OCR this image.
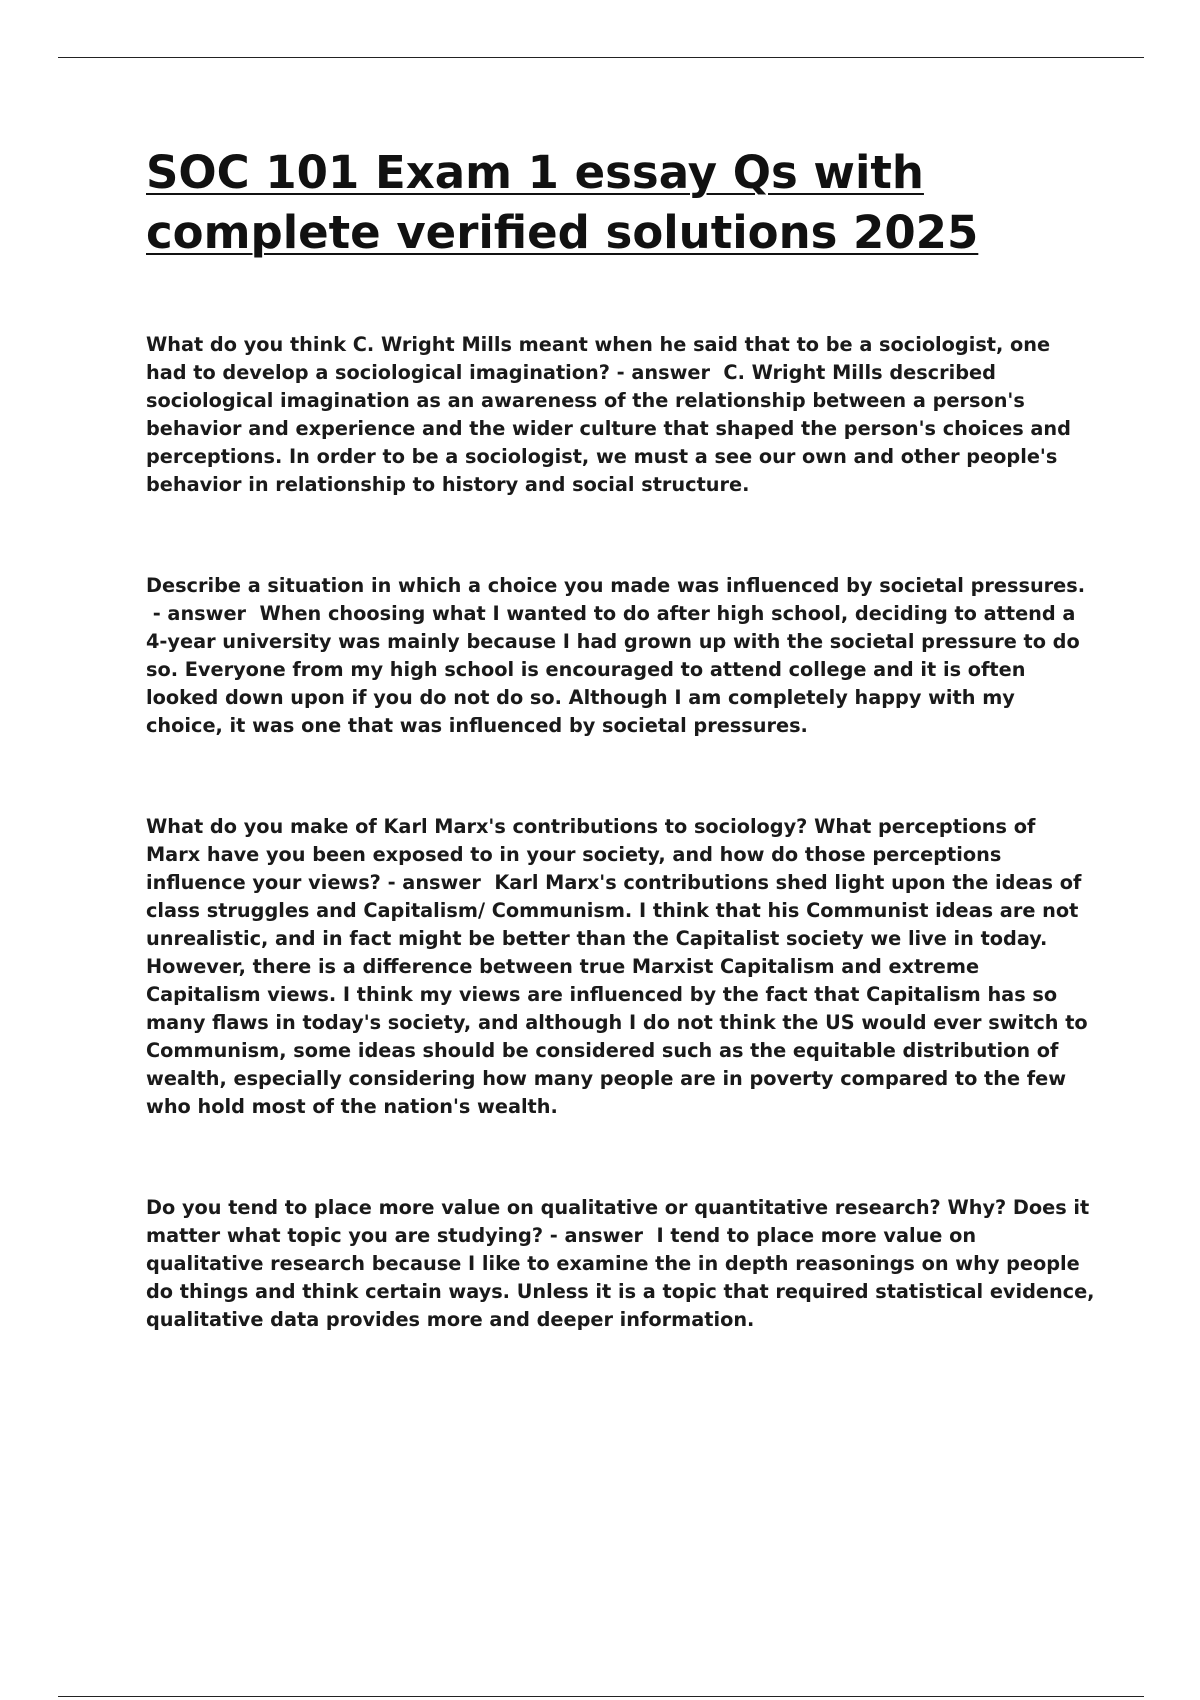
SOC 101 Exam 1 essay Qs with complete verified solutions 2025

What do you think C. Wright Mills meant when he said that to be a sociologist, one had to develop a sociological imagination? - answer  C. Wright Mills described sociological imagination as an awareness of the relationship between a person's behavior and experience and the wider culture that shaped the person's choices and perceptions. In order to be a sociologist, we must a see our own and other people's behavior in relationship to history and social structure.

Describe a situation in which a choice you made was influenced by societal pressures. - answer  When choosing what I wanted to do after high school, deciding to attend a 4-year university was mainly because I had grown up with the societal pressure to do so. Everyone from my high school is encouraged to attend college and it is often looked down upon if you do not do so. Although I am completely happy with my choice, it was one that was influenced by societal pressures.

What do you make of Karl Marx's contributions to sociology? What perceptions of Marx have you been exposed to in your society, and how do those perceptions influence your views? - answer  Karl Marx's contributions shed light upon the ideas of class struggles and Capitalism/ Communism. I think that his Communist ideas are not unrealistic, and in fact might be better than the Capitalist society we live in today. However, there is a difference between true Marxist Capitalism and extreme Capitalism views. I think my views are influenced by the fact that Capitalism has so many flaws in today's society, and although I do not think the US would ever switch to Communism, some ideas should be considered such as the equitable distribution of wealth, especially considering how many people are in poverty compared to the few who hold most of the nation's wealth.

Do you tend to place more value on qualitative or quantitative research? Why? Does it matter what topic you are studying? - answer  I tend to place more value on qualitative research because I like to examine the in depth reasonings on why people do things and think certain ways. Unless it is a topic that required statistical evidence, qualitative data provides more and deeper information.
